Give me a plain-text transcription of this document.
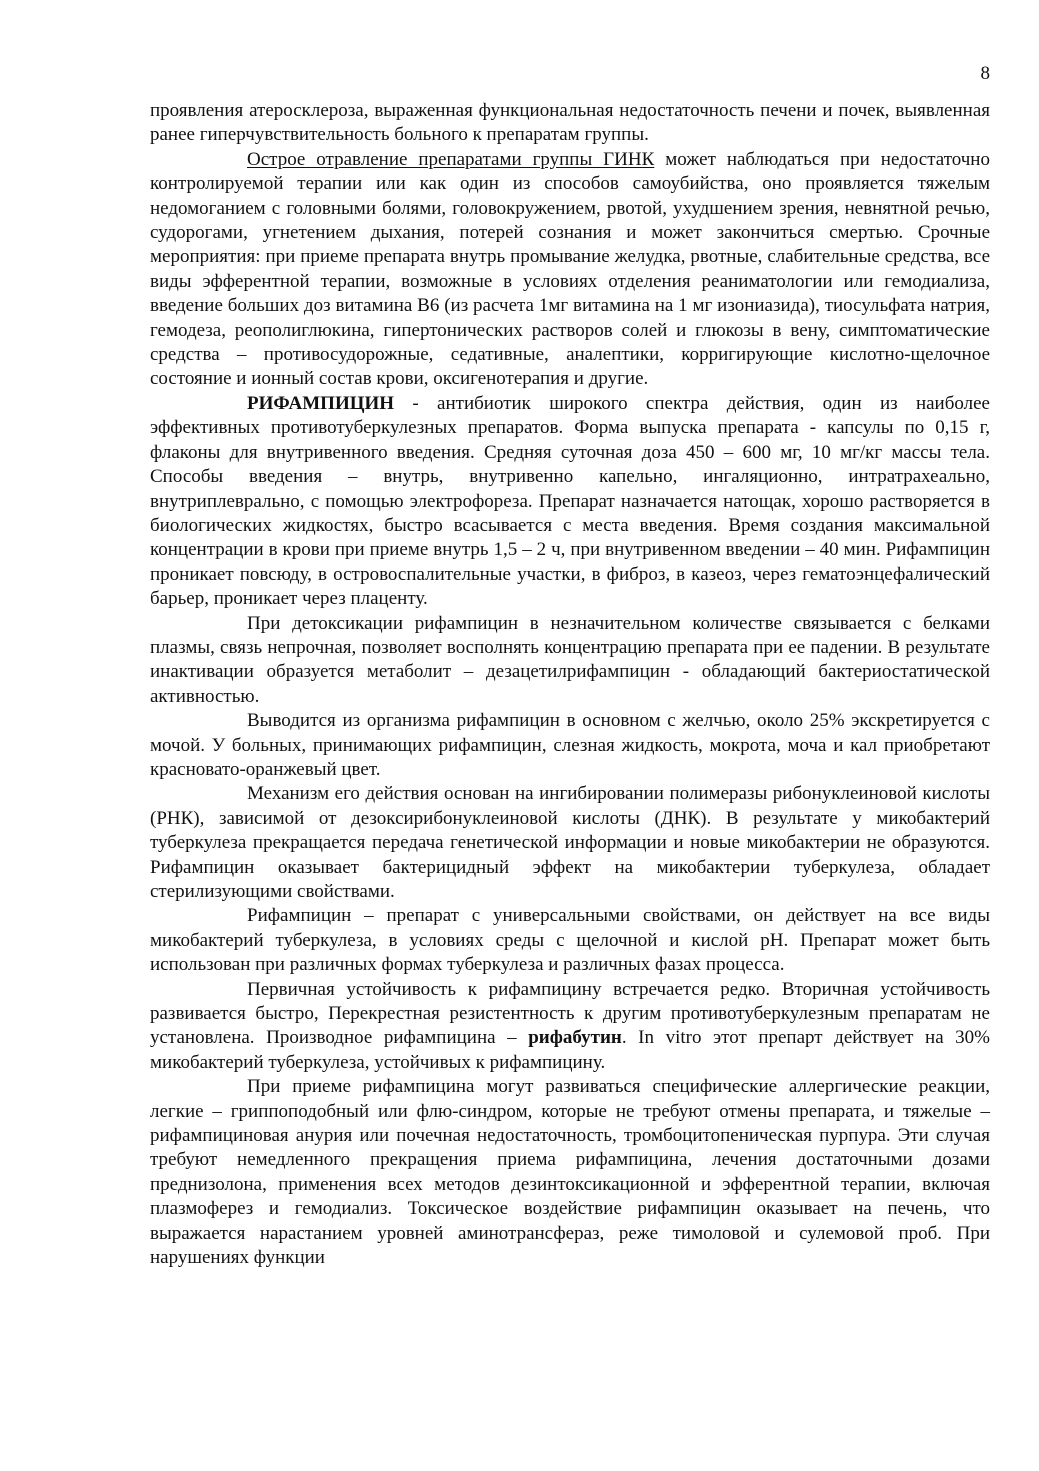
8

проявления атеросклероза, выраженная функциональная недостаточность печени и почек, выявленная ранее гиперчувствительность больного к препаратам группы.

Острое отравление препаратами группы ГИНК может наблюдаться при недостаточно контролируемой терапии или как один из способов самоубийства, оно проявляется тяжелым недомоганием с головными болями, головокружением, рвотой, ухудшением зрения, невнятной речью, судорогами, угнетением дыхания, потерей сознания и может закончиться смертью. Срочные мероприятия: при приеме препарата внутрь промывание желудка, рвотные, слабительные средства, все виды эфферентной терапии, возможные в условиях отделения реаниматологии или гемодиализа, введение больших доз витамина В6 (из расчета 1мг витамина на 1 мг изониазида), тиосульфата натрия, гемодеза, реополиглюкина, гипертонических растворов солей и глюкозы в вену, симптоматические средства – противосудорожные, седативные, аналептики, корригирующие кислотно-щелочное состояние и ионный состав крови, оксигенотерапия и другие.

РИФАМПИЦИН - антибиотик широкого спектра действия, один из наиболее эффективных противотуберкулезных препаратов. Форма выпуска препарата - капсулы по 0,15 г, флаконы для внутривенного введения. Средняя суточная доза 450 – 600 мг, 10 мг/кг массы тела. Способы введения – внутрь, внутривенно капельно, ингаляционно, интратрахеально, внутриплеврально, с помощью электрофореза. Препарат назначается натощак, хорошо растворяется в биологических жидкостях, быстро всасывается с места введения. Время создания максимальной концентрации в крови при приеме внутрь 1,5 – 2 ч, при внутривенном введении – 40 мин. Рифампицин проникает повсюду, в островоспалительные участки, в фиброз, в казеоз, через гематоэнцефалический барьер, проникает через плаценту.

При детоксикации рифампицин в незначительном количестве связывается с белками плазмы, связь непрочная, позволяет восполнять концентрацию препарата при ее падении. В результате инактивации образуется метаболит – дезацетилрифампицин - обладающий бактериостатической активностью.

Выводится из организма рифампицин в основном с желчью, около 25% экскретируется с мочой. У больных, принимающих рифампицин, слезная жидкость, мокрота, моча и кал приобретают красновато-оранжевый цвет.

Механизм его действия основан на ингибировании полимеразы рибонуклеиновой кислоты (РНК), зависимой от дезоксирибонуклеиновой кислоты (ДНК). В результате у микобактерий туберкулеза прекращается передача генетической информации и новые микобактерии не образуются. Рифампицин оказывает бактерицидный эффект на микобактерии туберкулеза, обладает стерилизующими свойствами.

Рифампицин – препарат с универсальными свойствами, он действует на все виды микобактерий туберкулеза, в условиях среды с щелочной и кислой pH. Препарат может быть использован при различных формах туберкулеза и различных фазах процесса.

Первичная устойчивость к рифампицину встречается редко. Вторичная устойчивость развивается быстро, Перекрестная резистентность к другим противотуберкулезным препаратам не установлена. Производное рифампицина – рифабутин. In vitro этот препарт действует на 30% микобактерий туберкулеза, устойчивых к рифампицину.

При приеме рифампицина могут развиваться специфические аллергические реакции, легкие – гриппоподобный или флю-синдром, которые не требуют отмены препарата, и тяжелые – рифампициновая анурия или почечная недостаточность, тромбоцитопеническая пурпура. Эти случая требуют немедленного прекращения приема рифампицина, лечения достаточными дозами преднизолона, применения всех методов дезинтоксикационной и эфферентной терапии, включая плазмоферез и гемодиализ. Токсическое воздействие рифампицин оказывает на печень, что выражается нарастанием уровней аминотрансфераз, реже тимоловой и сулемовой проб. При нарушениях функции
